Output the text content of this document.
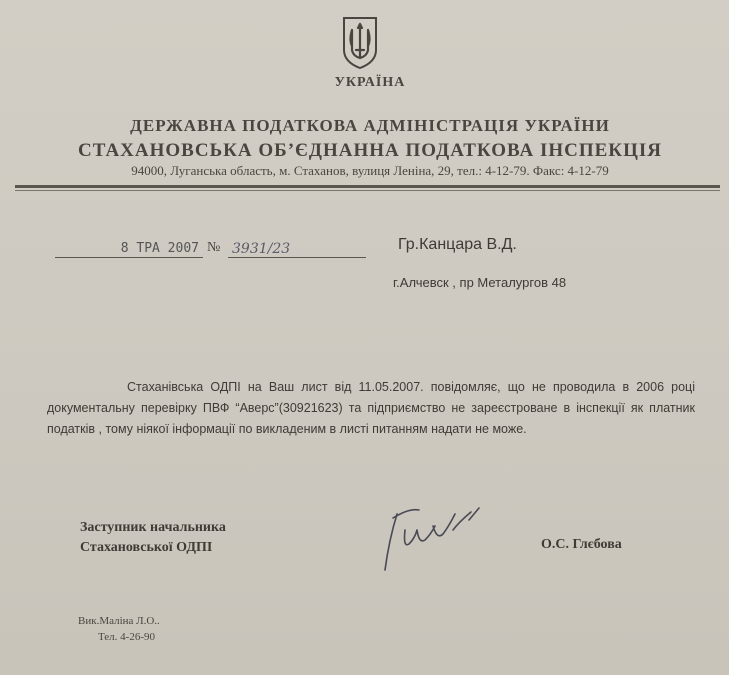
УКРАЇНА
ДЕРЖАВНА ПОДАТКОВА АДМІНІСТРАЦІЯ УКРАЇНИ
СТАХАНОВСЬКА ОБ’ЄДНАННА ПОДАТКОВА ІНСПЕКЦІЯ
94000, Луганська область, м. Стаханов, вулиця Леніна, 29, тел.: 4-12-79. Факс: 4-12-79
8 ТРА 2007 № 3931/23	Гр.Канцара В.Д.
г.Алчевск , пр Металургов 48
Стаханівська ОДПІ на Ваш лист від 11.05.2007. повідомляє, що не проводила в 2006 році документальну перевірку ПВФ “Аверс”(30921623) та підприємство не зареєстроване в інспекції як платник податків , тому ніякої інформації по викладеним в листі питанням надати не може.
Заступник начальника
Стахановської ОДПІ	О.С. Глєбова
Вик.Маліна Л.О..
Тел. 4-26-90
